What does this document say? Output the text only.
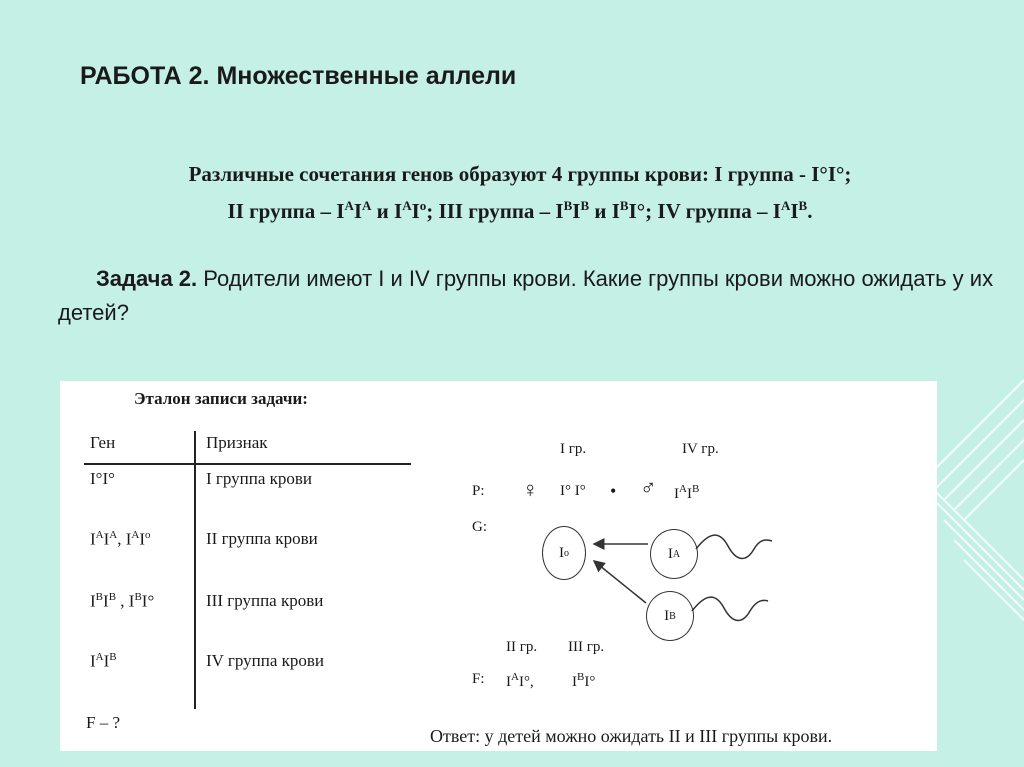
РАБОТА 2. Множественные аллели
Различные сочетания генов образуют 4 группы крови: I группа - I°I°;
II группа – $I^AI^A$ и $I^AI^o$; III группа – $I^BI^B$ и $I^BI^\circ$; IV группа – $I^AI^B$.
Задача 2. Родители имеют I и IV группы крови. Какие группы крови можно ожидать у их детей?
Эталон записи задачи:
Ген	Признак
I°I°	I группа крови
$I^AI^A$, $I^AI^o$	II группа крови
$I^BI^B$ , $I^BI^\circ$	III группа крови
$I^AI^B$	IV группа крови
F – ?
I гр.	IV гр.
P: ♀ I° I° • ♂ $I^AI^B$
G:
I o	I A
I B
II гр. III гр.
F: $I^AI^\circ$,	$I^BI^\circ$
Ответ: у детей можно ожидать II и III группы крови.
